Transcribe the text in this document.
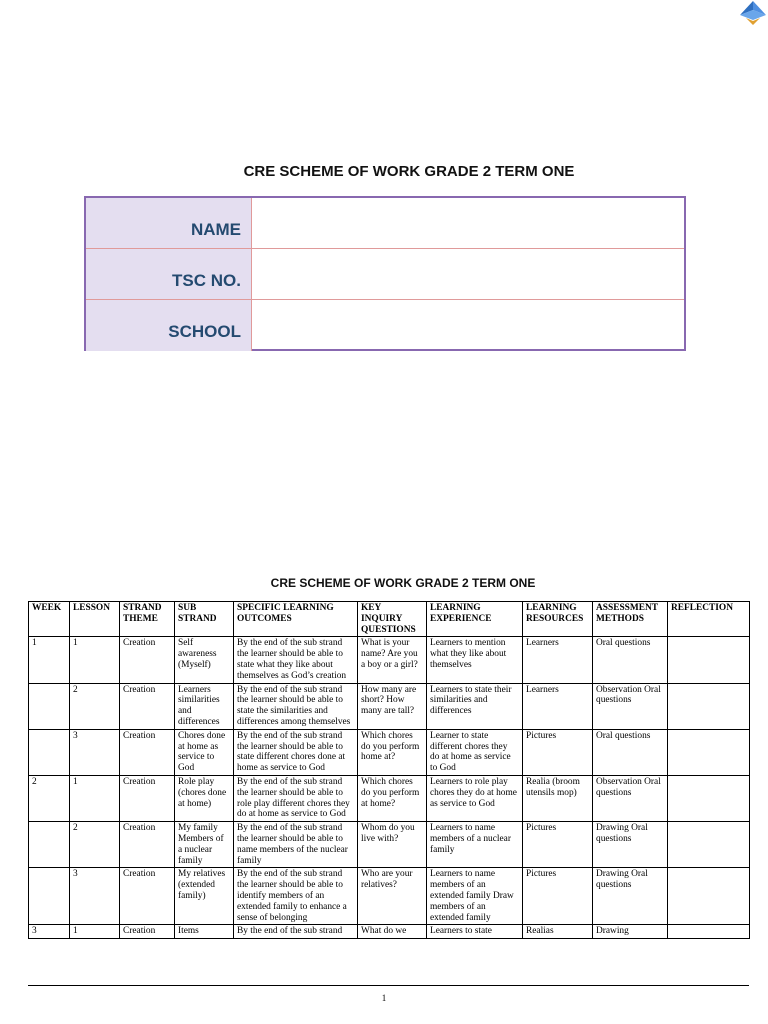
CRE SCHEME OF WORK GRADE 2 TERM ONE
NAME
TSC NO.
SCHOOL
CRE SCHEME OF WORK GRADE 2 TERM ONE
WEEK	LESSON	STRAND THEME	SUB STRAND	SPECIFIC LEARNING OUTCOMES	KEY INQUIRY QUESTIONS	LEARNING EXPERIENCE	LEARNING RESOURCES	ASSESSMENT METHODS	REFLECTION
1	1	Creation	Self awareness (Myself)	By the end of the sub strand the learner should be able to state what they like about themselves as God’s creation	What is your name? Are you a boy or a girl?	Learners to mention what they like about themselves	Learners	Oral questions	
	2	Creation	Learners similarities and differences	By the end of the sub strand the learner should be able to state the similarities and differences among themselves	How many are short? How many are tall?	Learners to state their similarities and differences	Learners	Observation Oral questions	
	3	Creation	Chores done at home as service to God	By the end of the sub strand the learner should be able to state different chores done at home as service to God	Which chores do you perform home at?	Learner to state different chores they do at home as service to God	Pictures	Oral questions	
2	1	Creation	Role play (chores done at home)	By the end of the sub strand the learner should be able to role play different chores they do at home as service to God	Which chores do you perform at home?	Learners to role play chores they do at home as service to God	Realia (broom utensils mop)	Observation Oral questions	
	2	Creation	My family Members of a nuclear family	By the end of the sub strand the learner should be able to name members of the nuclear family	Whom do you live with?	Learners to name members of a nuclear family	Pictures	Drawing Oral questions	
	3	Creation	My relatives (extended family)	By the end of the sub strand the learner should be able to identify members of an extended family to enhance a sense of belonging	Who are your relatives?	Learners to name members of an extended family Draw members of an extended family	Pictures	Drawing Oral questions	
3	1	Creation	Items	By the end of the sub strand	What do we	Learners to state	Realias	Drawing	
1
